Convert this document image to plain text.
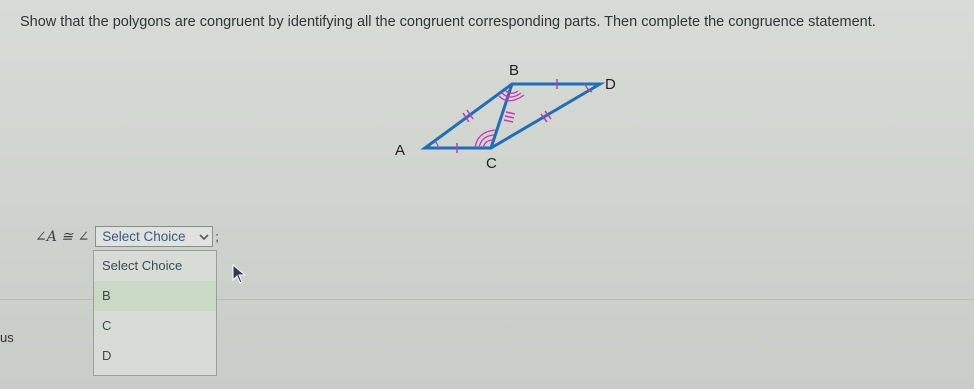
Show that the polygons are congruent by identifying all the congruent corresponding parts. Then complete the congruence statement.
B
D
A
C
∠A ≅ ∠ Select Choice	;
Select Choice
B
C
D
us
